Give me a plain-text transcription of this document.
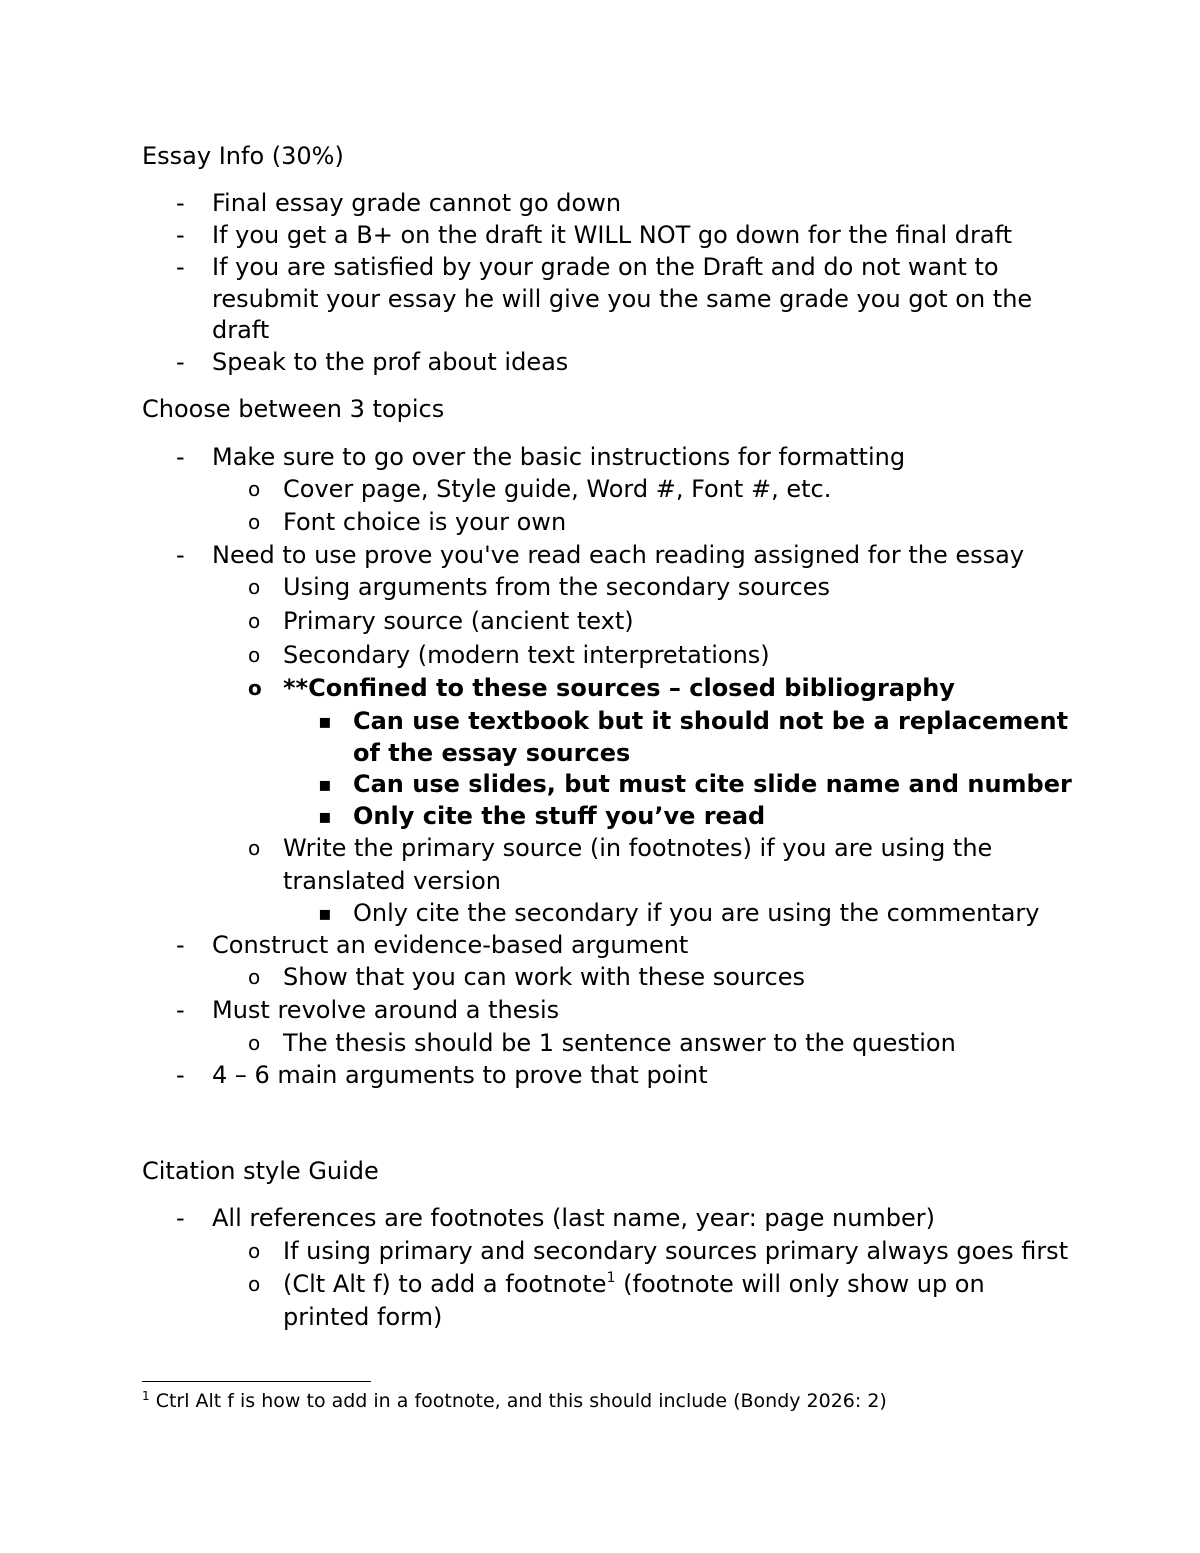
Essay Info (30%)
- Final essay grade cannot go down
- If you get a B+ on the draft it WILL NOT go down for the final draft
- If you are satisfied by your grade on the Draft and do not want to
resubmit your essay he will give you the same grade you got on the
draft
- Speak to the prof about ideas
Choose between 3 topics
- Make sure to go over the basic instructions for formatting
o Cover page, Style guide, Word #, Font #, etc.
o Font choice is your own
- Need to use prove you've read each reading assigned for the essay
o Using arguments from the secondary sources
o Primary source (ancient text)
o Secondary (modern text interpretations)
o **Confined to these sources – closed bibliography
▪ Can use textbook but it should not be a replacement
of the essay sources
▪ Can use slides, but must cite slide name and number
▪ Only cite the stuff you’ve read
o Write the primary source (in footnotes) if you are using the
translated version
▪ Only cite the secondary if you are using the commentary
- Construct an evidence-based argument
o Show that you can work with these sources
- Must revolve around a thesis
o The thesis should be 1 sentence answer to the question
- 4 – 6 main arguments to prove that point
Citation style Guide
- All references are footnotes (last name, year: page number)
o If using primary and secondary sources primary always goes first
o (Clt Alt f) to add a footnote$^1$ (footnote will only show up on
printed form)
$^1$ Ctrl Alt f is how to add in a footnote, and this should include (Bondy 2026: 2)
